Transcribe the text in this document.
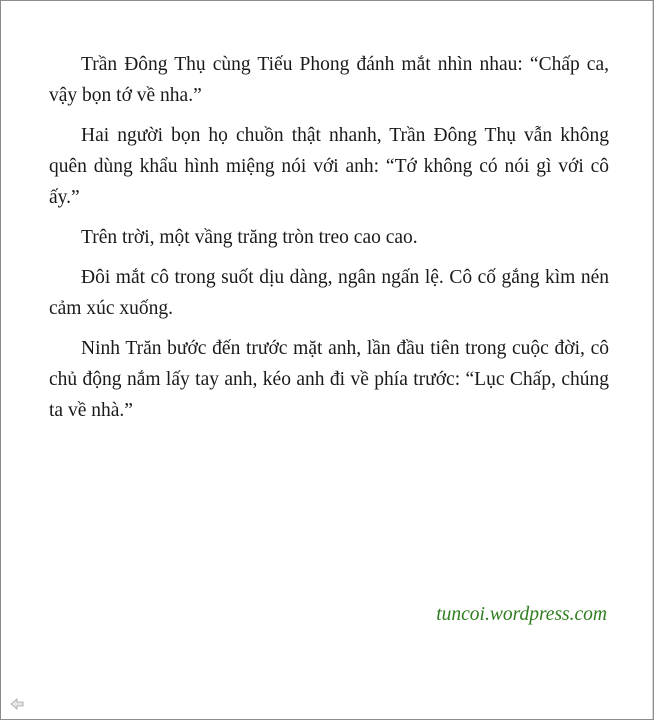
Trần Đông Thụ cùng Tiếu Phong đánh mắt nhìn nhau: “Chấp ca, vậy bọn tớ về nha.”

Hai người bọn họ chuồn thật nhanh, Trần Đông Thụ vẫn không quên dùng khẩu hình miệng nói với anh: “Tớ không có nói gì với cô ấy.”

Trên trời, một vầng trăng tròn treo cao cao.

Đôi mắt cô trong suốt dịu dàng, ngân ngấn lệ. Cô cố gắng kìm nén cảm xúc xuống.

Ninh Trăn bước đến trước mặt anh, lần đầu tiên trong cuộc đời, cô chủ động nắm lấy tay anh, kéo anh đi về phía trước: “Lục Chấp, chúng ta về nhà.”

tuncoi.wordpress.com
